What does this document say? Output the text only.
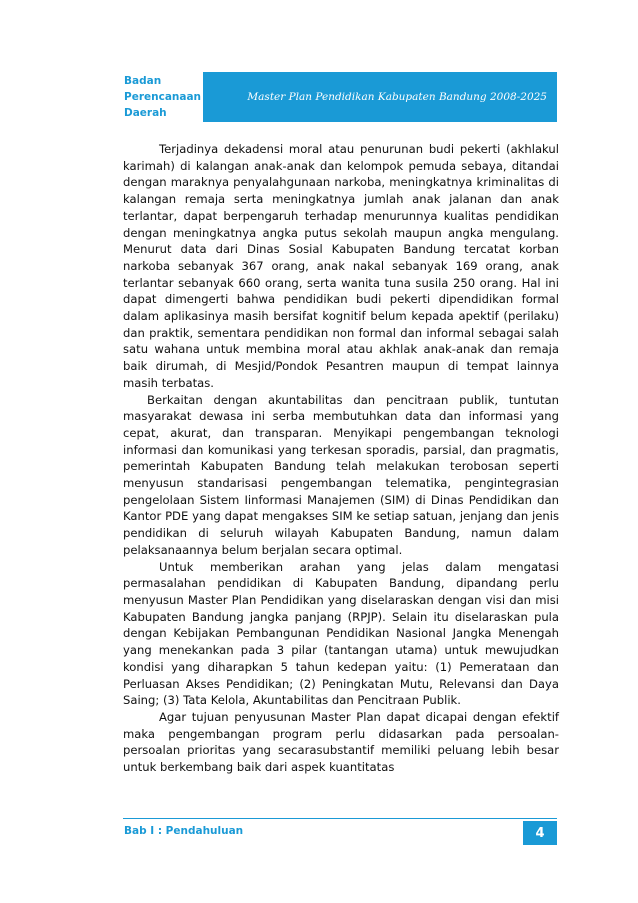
Badan
Perencanaan
Daerah
Master Plan Pendidikan Kabupaten Bandung 2008-2025

Terjadinya dekadensi moral atau penurunan budi pekerti (akhlakul karimah) di kalangan anak-anak dan kelompok pemuda sebaya, ditandai dengan maraknya penyalahgunaan narkoba, meningkatnya kriminalitas di kalangan remaja serta meningkatnya jumlah anak jalanan dan anak terlantar, dapat berpengaruh terhadap menurunnya kualitas pendidikan dengan meningkatnya angka putus sekolah maupun angka mengulang. Menurut data dari Dinas Sosial Kabupaten Bandung tercatat korban narkoba sebanyak 367 orang, anak nakal sebanyak 169 orang, anak terlantar sebanyak 660 orang, serta wanita tuna susila 250 orang. Hal ini dapat dimengerti bahwa pendidikan budi pekerti dipendidikan formal dalam aplikasinya masih bersifat kognitif belum kepada apektif (perilaku) dan praktik, sementara pendidikan non formal dan informal sebagai salah satu wahana untuk membina moral atau akhlak anak-anak dan remaja baik dirumah, di Mesjid/Pondok Pesantren maupun di tempat lainnya masih terbatas.

Berkaitan dengan akuntabilitas dan pencitraan publik, tuntutan masyarakat dewasa ini serba membutuhkan data dan informasi yang cepat, akurat, dan transparan. Menyikapi pengembangan teknologi informasi dan komunikasi yang terkesan sporadis, parsial, dan pragmatis, pemerintah Kabupaten Bandung telah melakukan terobosan seperti menyusun standarisasi pengembangan telematika, pengintegrasian pengelolaan Sistem Iinformasi Manajemen (SIM) di Dinas Pendidikan dan Kantor PDE yang dapat mengakses SIM ke setiap satuan, jenjang dan jenis pendidikan di seluruh wilayah Kabupaten Bandung, namun dalam pelaksanaannya belum berjalan secara optimal.

Untuk memberikan arahan yang jelas dalam mengatasi permasalahan pendidikan di Kabupaten Bandung, dipandang perlu menyusun Master Plan Pendidikan yang diselaraskan dengan visi dan misi Kabupaten Bandung jangka panjang (RPJP). Selain itu diselaraskan pula dengan Kebijakan Pembangunan Pendidikan Nasional Jangka Menengah yang menekankan pada 3 pilar (tantangan utama) untuk mewujudkan kondisi yang diharapkan 5 tahun kedepan yaitu: (1) Pemerataan dan Perluasan Akses Pendidikan; (2) Peningkatan Mutu, Relevansi dan Daya Saing; (3) Tata Kelola, Akuntabilitas dan Pencitraan Publik.

Agar tujuan penyusunan Master Plan dapat dicapai dengan efektif maka pengembangan program perlu didasarkan pada persoalan-persoalan prioritas yang secarasubstantif memiliki peluang lebih besar untuk berkembang baik dari aspek kuantitatas

Bab I : Pendahuluan	4
